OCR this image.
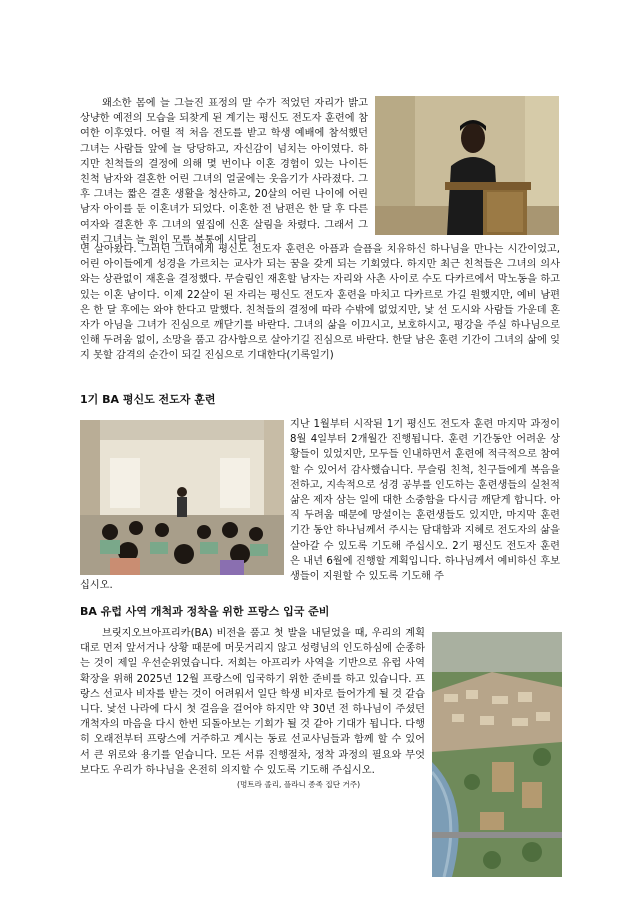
왜소한 몸에 늘 그늘진 표정의 말 수가 적었던 자리가 밝고 상냥한 예전의 모습을 되찾게 된 계기는 평신도 전도자 훈련에 참여한 이후였다. 어릴 적 처음 전도를 받고 학생 예배에 참석했던 그녀는 사람들 앞에 늘 당당하고, 자신감이 넘치는 아이였다. 하지만 친척들의 결정에 의해 몇 번이나 이혼 경험이 있는 나이든 친척 남자와 결혼한 어린 그녀의 얼굴에는 웃음기가 사라졌다. 그 후 그녀는 짧은 결혼 생활을 청산하고, 20살의 어린 나이에 어린 남자 아이를 둔 이혼녀가 되었다. 이혼한 전 남편은 한 달 후 다른 여자와 결혼한 후 그녀의 옆집에 신혼 살림을 차렸다. 그래서 그런지 그녀는 늘 원인 모를 복통에 시달리

면 살아왔다. 그러던 그녀에게 평신도 전도자 훈련은 아픔과 슬픔을 치유하신 하나님을 만나는 시간이었고, 어린 아이들에게 성경을 가르치는 교사가 되는 꿈을 갖게 되는 기회였다. 하지만 최근 친척들은 그녀의 의사와는 상관없이 재혼을 결정했다. 무슬림인 재혼할 남자는 자리와 사촌 사이로 수도 다카르에서 막노동을 하고 있는 이혼 남이다. 이제 22살이 된 자리는 평신도 전도자 훈련을 마치고 다카르로 가길 원했지만, 예비 남편은 한 달 후에는 와야 한다고 말했다. 친척들의 결정에 따라 수밖에 없었지만, 낯 선 도시와 사람들 가운데 혼자가 아님을 그녀가 진심으로 깨닫기를 바란다. 그녀의 삶을 이끄시고, 보호하시고, 평강을 주실 하나님으로 인해 두려움 없이, 소망을 품고 감사함으로 살아기길 진심으로 바란다. 한달 남은 훈련 기간이 그녀의 삶에 잊지 못할 감격의 순간이 되길 진심으로 기대한다(기록일기)

1기 BA 평신도 전도자 훈련

지난 1월부터 시작된 1기 평신도 전도자 훈련 마지막 과정이 8월 4일부터 2개월간 진행됩니다. 훈련 기간동안 어려운 상황들이 있었지만, 모두들 인내하면서 훈련에 적극적으로 참여할 수 있어서 감사했습니다. 무슬림 친척, 친구들에게 복음을 전하고, 지속적으로 성경 공부를 인도하는 훈련생들의 실천적 삶은 제자 삼는 일에 대한 소중함을 다시금 깨닫게 합니다. 아직 두려움 때문에 망설이는 훈련생들도 있지만, 마지막 훈련 기간 동안 하나님께서 주시는 담대함과 지혜로 전도자의 삶을 살아갈 수 있도록 기도해 주십시오. 2기 평신도 전도자 훈련은 내년 6월에 진행할 계획입니다. 하나님께서 예비하신 후보생들이 지원할 수 있도록 기도해 주

십시오.

BA 유럽 사역 개척과 정착을 위한 프랑스 입국 준비

브릿지오브아프리카(BA) 비전을 품고 첫 발을 내딛었을 때, 우리의 계획대로 먼저 앞서거나 상황 때문에 머뭇거리지 않고 성령님의 인도하심에 순종하는 것이 제일 우선순위였습니다. 저희는 아프리카 사역을 기반으로 유럽 사역 확장을 위해 2025년 12월 프랑스에 입국하기 위한 준비를 하고 있습니다. 프랑스 선교사 비자를 받는 것이 어려워서 일단 학생 비자로 들어가게 될 것 같습니다. 낯선 나라에 다시 첫 걸음을 걸어야 하지만 약 30년 전 하나님이 주셨던 개척자의 마음을 다시 한번 되돌아보는 기회가 될 것 같아 기대가 됩니다. 다행히 오래전부터 프랑스에 거주하고 계시는 동료 선교사님들과 함께 할 수 있어서 큰 위로와 용기를 얻습니다. 모든 서류 진행절차, 정착 과정의 필요와 무엇보다도 우리가 하나님을 온전히 의지할 수 있도록 기도해 주십시오.

(멍트라 졸리, 플라니 종족 집단 거주)
